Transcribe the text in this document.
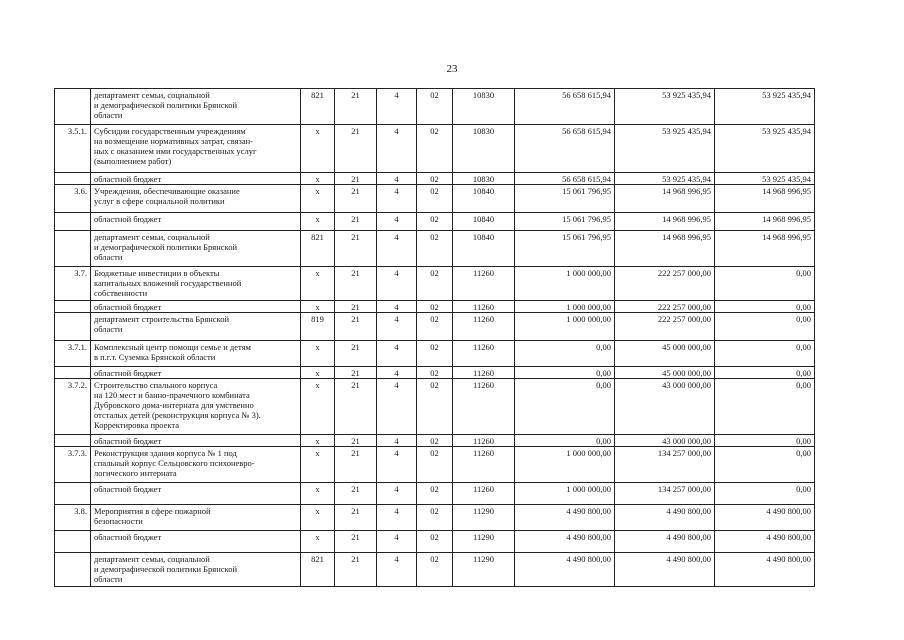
23

	департамент семьи, социальной
и демографической политики Брянской
области	821	21	4	02	10830	56 658 615,94	53 925 435,94	53 925 435,94
3.5.1.	Субсидии государственным учреждениям
на возмещение нормативных затрат, связан-
ных с оказанием ими государственных услуг
(выполнением работ)	x	21	4	02	10830	56 658 615,94	53 925 435,94	53 925 435,94

	областной бюджет	x	21	4	02	10830	56 658 615,94	53 925 435,94	53 925 435,94
3.6.	Учреждения, обеспечивающие оказание
услуг в сфере социальной политики	x	21	4	02	10840	15 061 796,95	14 968 996,95	14 968 996,95

	областной бюджет	x	21	4	02	10840	15 061 796,95	14 968 996,95	14 968 996,95

	департамент семьи, социальной
и демографической политики Брянской
области	821	21	4	02	10840	15 061 796,95	14 968 996,95	14 968 996,95
3.7.	Бюджетные инвестиции в объекты
капитальных вложений государственной
собственности	x	21	4	02	11260	1 000 000,00	222 257 000,00	0,00

	областной бюджет	x	21	4	02	11260	1 000 000,00	222 257 000,00	0,00

	департамент строительства Брянской
области	819	21	4	02	11260	1 000 000,00	222 257 000,00	0,00
3.7.1.	Комплексный центр помощи семье и детям
в п.г.т. Суземка Брянской области	x	21	4	02	11260	0,00	45 000 000,00	0,00

	областной бюджет	x	21	4	02	11260	0,00	45 000 000,00	0,00
3.7.2.	Строительство спального корпуса
на 120 мест и банно-прачечного комбината
Дубровского дома-интерната для умственно
отсталых детей (реконструкция корпуса № 3).
Корректировка проекта	x	21	4	02	11260	0,00	43 000 000,00	0,00

	областной бюджет	x	21	4	02	11260	0,00	43 000 000,00	0,00
3.7.3.	Реконструкция здания корпуса № 1 под
спальный корпус Сельцовского психоневро-
логического интерната	x	21	4	02	11260	1 000 000,00	134 257 000,00	0,00

	областной бюджет	x	21	4	02	11260	1 000 000,00	134 257 000,00	0,00
3.8.	Мероприятия в сфере пожарной
безопасности	x	21	4	02	11290	4 490 800,00	4 490 800,00	4 490 800,00

	областной бюджет	x	21	4	02	11290	4 490 800,00	4 490 800,00	4 490 800,00

	департамент семьи, социальной
и демографической политики Брянской
области	821	21	4	02	11290	4 490 800,00	4 490 800,00	4 490 800,00
